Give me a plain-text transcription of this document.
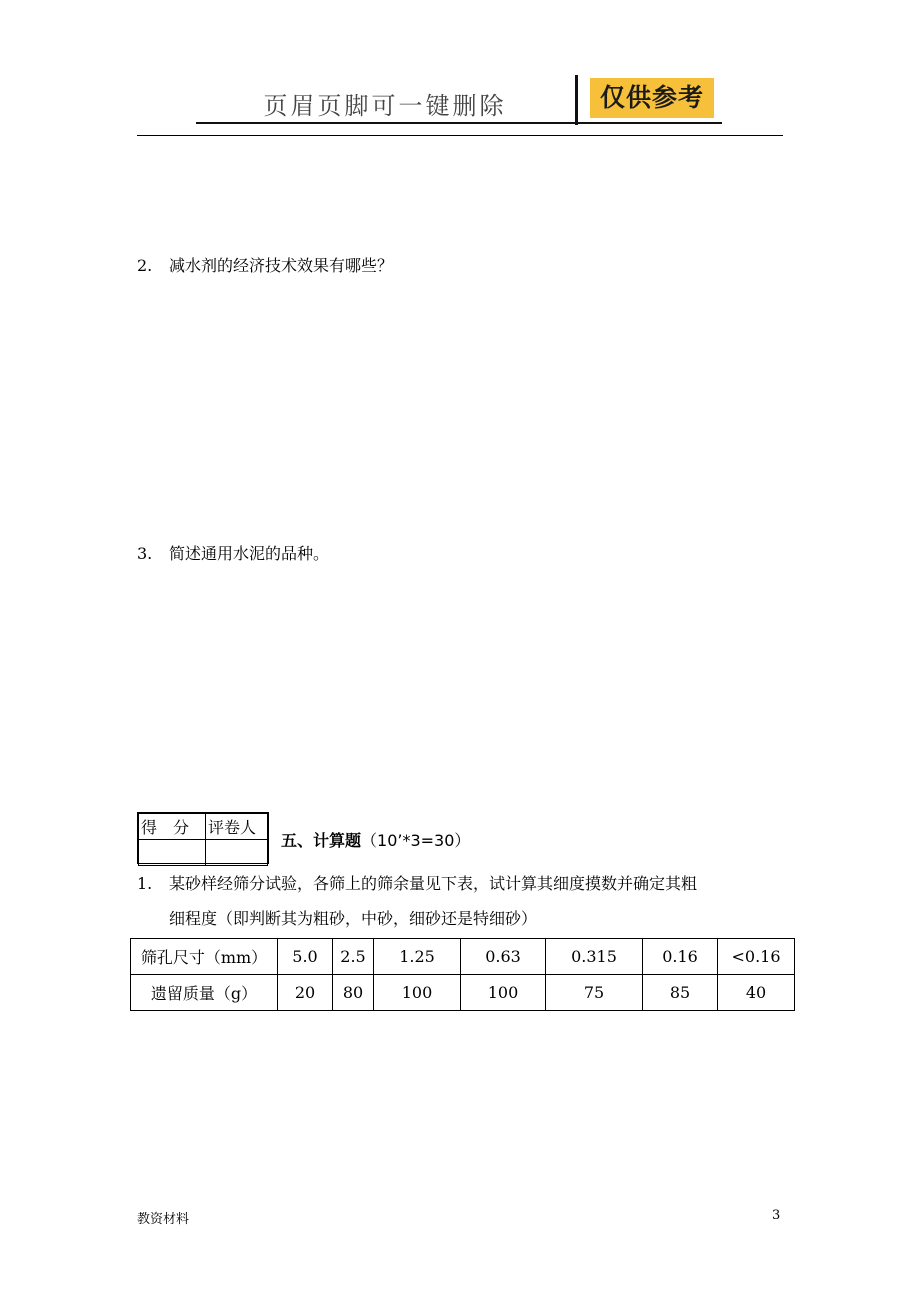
页眉页脚可一键删除	仅供参考
2. 减水剂的经济技术效果有哪些？
3. 简述通用水泥的品种。
得　分	评卷人

五、计算题（10’*3=30）
1. 某砂样经筛分试验，各筛上的筛余量见下表，试计算其细度摸数并确定其粗
细程度（即判断其为粗砂，中砂，细砂还是特细砂）
筛孔尺寸（mm）	5.0	2.5	1.25	0.63	0.315	0.16	<0.16
遗留质量（g）	20	80	100	100	75	85	40
教资材料	3
